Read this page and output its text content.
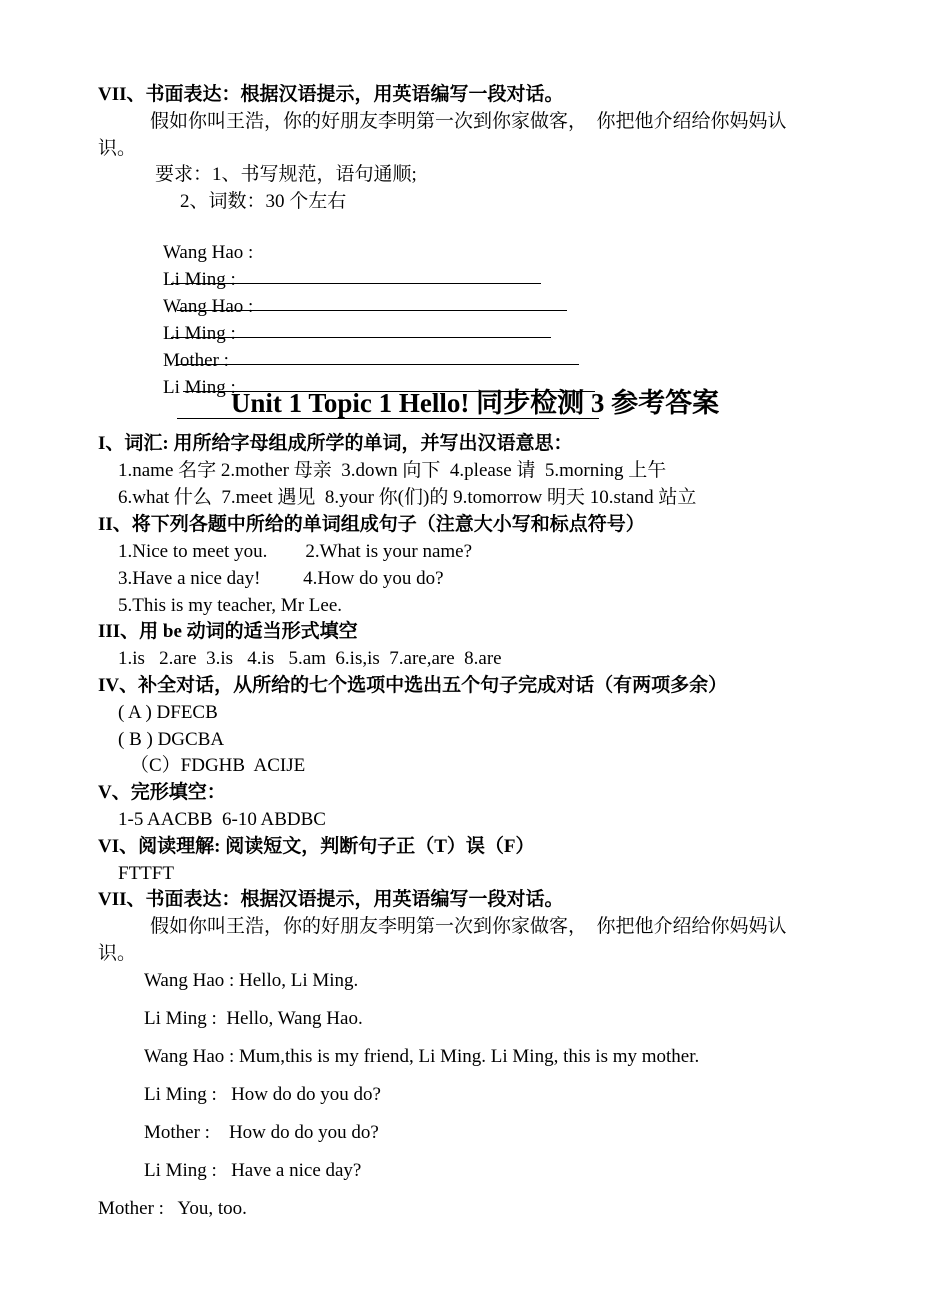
VII、书面表达：根据汉语提示，用英语编写一段对话。
假如你叫王浩，你的好朋友李明第一次到你家做客，  你把他介绍给你妈妈认
识。
要求：1、书写规范，语句通顺;
2、词数：30 个左右

Wang Hao :

Li Ming :

Wang Hao :

Li Ming :

Mother :

Li Ming :

Unit 1 Topic 1 Hello! 同步检测 3 参考答案
I、词汇: 用所给字母组成所学的单词，并写出汉语意思：
1.name 名字 2.mother 母亲  3.down 向下  4.please 请  5.morning 上午
6.what 什么  7.meet 遇见  8.your 你(们)的 9.tomorrow 明天 10.stand 站立
II、将下列各题中所给的单词组成句子（注意大小写和标点符号）
1.Nice to meet you.        2.What is your name?
3.Have a nice day!         4.How do you do?
5.This is my teacher, Mr Lee.
III、用 be 动词的适当形式填空
1.is   2.are  3.is   4.is   5.am  6.is,is  7.are,are  8.are
IV、补全对话，从所给的七个选项中选出五个句子完成对话（有两项多余）
( A ) DFECB
( B ) DGCBA
（C）FDGHB  ACIJE
V、完形填空：
1-5 AACBB  6-10 ABDBC
VI、阅读理解: 阅读短文，判断句子正（T）误（F）
FTTFT
VII、书面表达：根据汉语提示，用英语编写一段对话。
假如你叫王浩，你的好朋友李明第一次到你家做客，  你把他介绍给你妈妈认
识。
Wang Hao : Hello, Li Ming.
Li Ming :  Hello, Wang Hao.
Wang Hao : Mum,this is my friend, Li Ming. Li Ming, this is my mother.
Li Ming :   How do do you do?
Mother :    How do do you do?
Li Ming :   Have a nice day?
Mother :   You, too.
